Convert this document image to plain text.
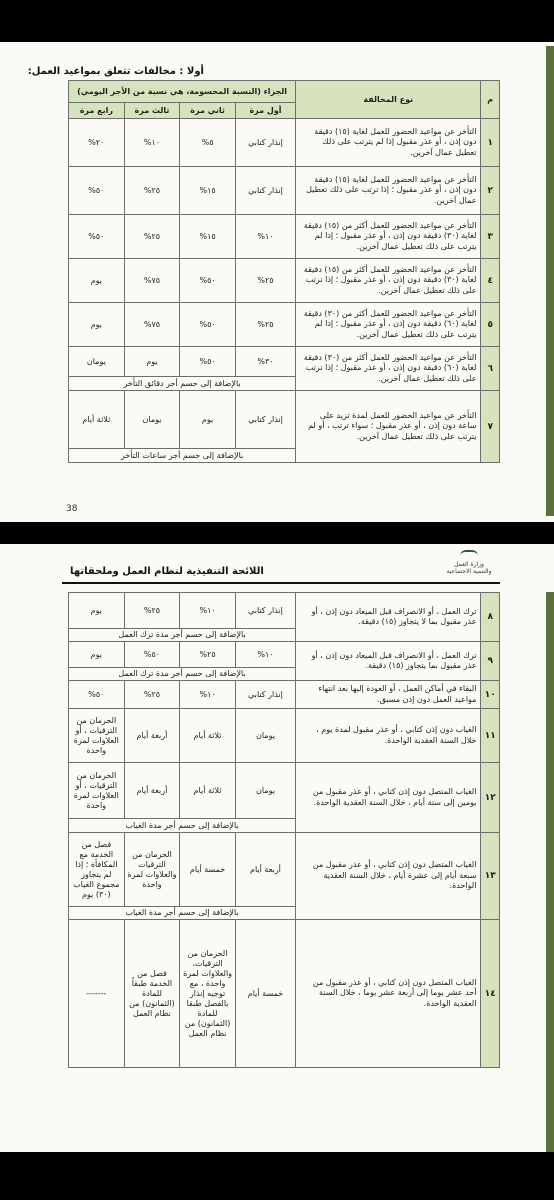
أولا : مخالفات تتعلق بمواعيد العمل:
م	نوع المخالفة	الجزاء (النسبة المحسومة، هي نسبة من الأجر اليومي)			
		أول مرة	ثاني مرة	ثالث مرة	رابع مرة
١	التأخر عن مواعيد الحضور للعمل لغاية (١٥) دقيقة دون إذن ، أو عذر مقبول إذا لم يترتب على ذلك تعطيل عمال آخرين.	إنذار كتابي	٥%	١٠%	٢٠%
٢	التأخر عن مواعيد الحضور للعمل لغاية (١٥) دقيقة دون إذن ، أو عذر مقبول ؛ إذا ترتب على ذلك تعطيل عمال آخرين.	إنذار كتابي	١٥%	٢٥%	٥٠%
٣	التأخر عن مواعيد الحضور للعمل أكثر من (١٥) دقيقة لغاية (٣٠) دقيقة دون إذن ، أو عذر مقبول ؛ إذا لم يترتب على ذلك تعطيل عمال آخرين.	١٠%	١٥%	٢٥%	٥٠%
٤	التأخر عن مواعيد الحضور للعمل أكثر من (١٥) دقيقة لغاية (٣٠) دقيقة دون إذن ، أو عذر مقبول ؛ إذا ترتب على ذلك تعطيل عمال آخرين.	٢٥%	٥٠%	٧٥%	يوم
٥	التأخر عن مواعيد الحضور للعمل أكثر من (٣٠) دقيقة لغاية (٦٠) دقيقة دون إذن ، أو عذر مقبول ؛ إذا لم يترتب على ذلك تعطيل عمال آخرين.	٢٥%	٥٠%	٧٥%	يوم
٦	التأخر عن مواعيد الحضور للعمل أكثر من (٣٠) دقيقة لغاية (٦٠) دقيقة دون إذن ، أو عذر مقبول ؛ إذا ترتب على ذلك تعطيل عمال آخرين.	٣٠%	٥٠%	يوم	يومان
		بالإضافة إلى حسم أجر دقائق التأخر			
٧	التأخر عن مواعيد الحضور للعمل لمدة تزيد على ساعة دون إذن ، أو عذر مقبول ؛ سواء ترتب ، أو لم يترتب على ذلك تعطيل عمال آخرين.	إنذار كتابي	يوم	يومان	ثلاثة أيام
		بالإضافة إلى حسم أجر ساعات التأخر			
38
وزارة العمل والتنمية الاجتماعية
اللائحة التنفيذية لنظام العمل وملحقاتها
٨	ترك العمل ، أو الانصراف قبل الميعاد دون إذن ، أو عذر مقبول بما لا يتجاوز (١٥) دقيقة.	إنذار كتابي	١٠%	٢٥%	يوم
		بالإضافة إلى حسم أجر مدة ترك العمل			
٩	ترك العمل ، أو الانصراف قبل الميعاد دون إذن ، أو عذر مقبول بما يتجاوز (١٥) دقيقة.	١٠%	٢٥%	٥٠%	يوم
		بالإضافة إلى حسم أجر مدة ترك العمل			
١٠	البقاء في أماكن العمل ، أو العودة إليها بعد انتهاء مواعيد العمل دون إذن مسبق.	إنذار كتابي	١٠%	٢٥%	٥٠%
١١	الغياب دون إذن كتابي ، أو عذر مقبول لمدة يوم ، خلال السنة العقدية الواحدة.	يومان	ثلاثة أيام	أربعة أيام	الحرمان من الترقيات ، أو العلاوات لمرة واحدة
١٢	الغياب المتصل دون إذن كتابي ، أو عذر مقبول من يومين إلى ستة أيام ، خلال السنة العقدية الواحدة.	يومان	ثلاثة أيام	أربعة أيام	الحرمان من الترقيات ، أو العلاوات لمرة واحدة
		بالإضافة إلى حسم أجر مدة الغياب			
١٣	الغياب المتصل دون إذن كتابي ، أو عذر مقبول من سبعة أيام إلى عشرة أيام ، خلال السنة العقدية الواحدة.	أربعة أيام	خمسة أيام	الحرمان من الترقيات والعلاوات لمرة واحدة	فصل من الخدمة مع المكافأة ؛ إذا لم يتجاوز مجموع الغياب (٣٠) يوم
		بالإضافة إلى حسم أجر مدة الغياب			
١٤	الغياب المتصل دون إذن كتابي ، أو عذر مقبول من أحد عشر يوما إلى أربعة عشر يوما ، خلال السنة العقدية الواحدة.	خمسة أيام	الحرمان من الترقيات، والعلاوات لمرة واحدة ، مع توجيه إنذار بالفصل طبقا للمادة (الثمانون) من نظام العمل	فصل من الخدمة طبقاً للمادة (الثمانون) من نظام العمل	-------
